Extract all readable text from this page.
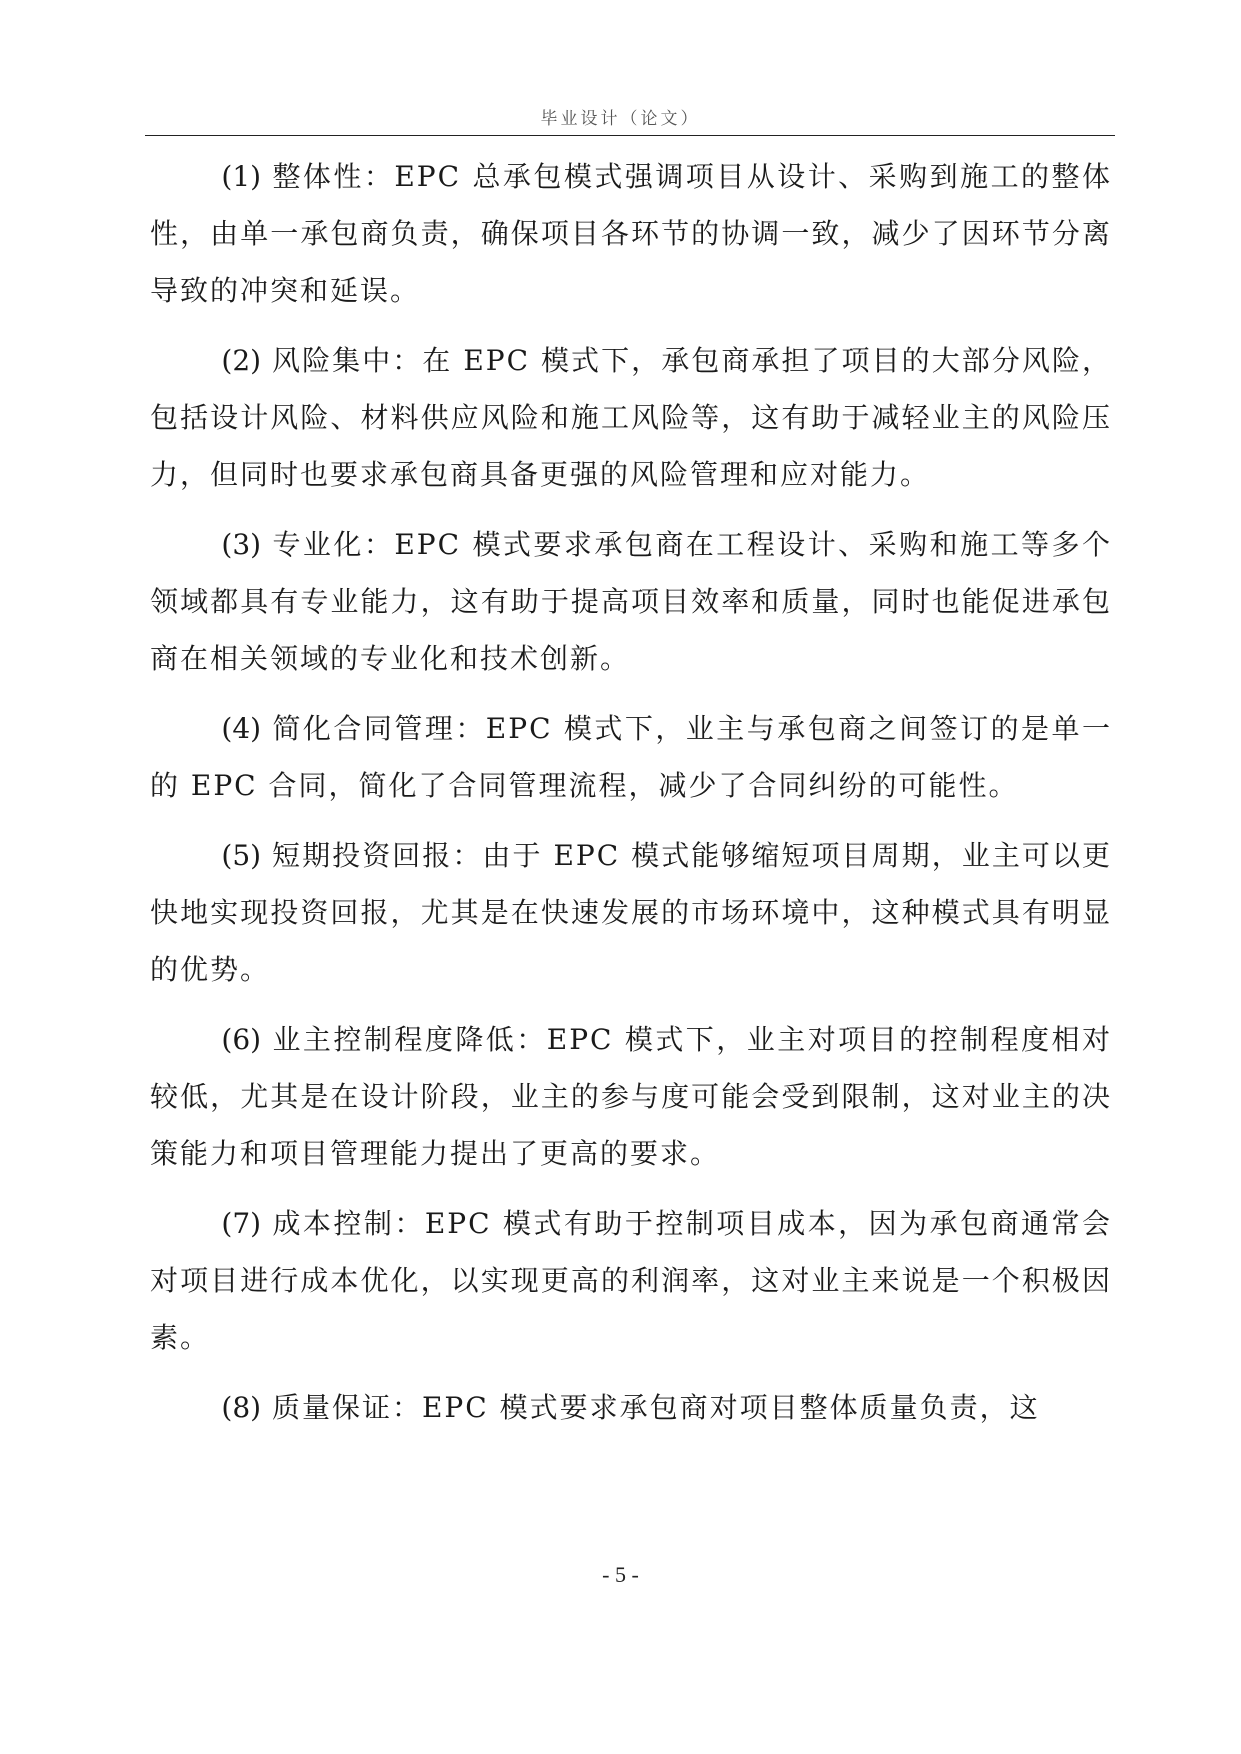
毕业设计（论文）

(1) 整体性：EPC 总承包模式强调项目从设计、采购到施工的整体性，由单一承包商负责，确保项目各环节的协调一致，减少了因环节分离导致的冲突和延误。

(2) 风险集中：在 EPC 模式下，承包商承担了项目的大部分风险，包括设计风险、材料供应风险和施工风险等，这有助于减轻业主的风险压力，但同时也要求承包商具备更强的风险管理和应对能力。

(3) 专业化：EPC 模式要求承包商在工程设计、采购和施工等多个领域都具有专业能力，这有助于提高项目效率和质量，同时也能促进承包商在相关领域的专业化和技术创新。

(4) 简化合同管理：EPC 模式下，业主与承包商之间签订的是单一的 EPC 合同，简化了合同管理流程，减少了合同纠纷的可能性。

(5) 短期投资回报：由于 EPC 模式能够缩短项目周期，业主可以更快地实现投资回报，尤其是在快速发展的市场环境中，这种模式具有明显的优势。

(6) 业主控制程度降低：EPC 模式下，业主对项目的控制程度相对较低，尤其是在设计阶段，业主的参与度可能会受到限制，这对业主的决策能力和项目管理能力提出了更高的要求。

(7) 成本控制：EPC 模式有助于控制项目成本，因为承包商通常会对项目进行成本优化，以实现更高的利润率，这对业主来说是一个积极因素。

(8) 质量保证：EPC 模式要求承包商对项目整体质量负责，这

- 5 -
